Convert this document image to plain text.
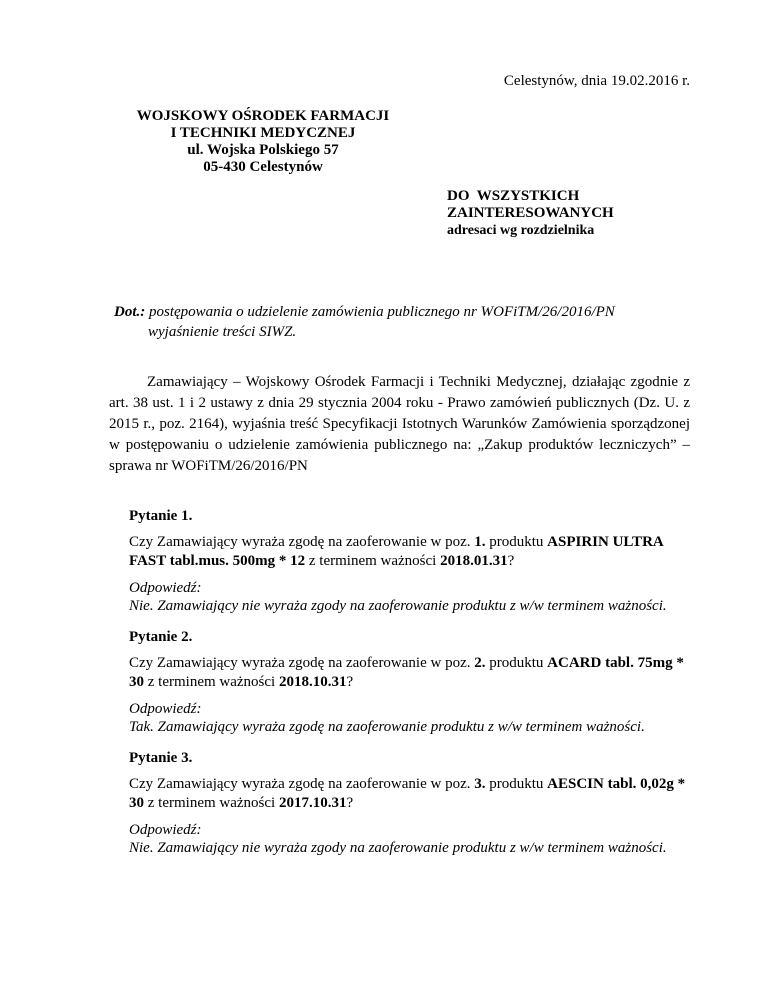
Celestynów, dnia 19.02.2016 r.
WOJSKOWY OŚRODEK FARMACJI
I TECHNIKI MEDYCZNEJ
ul. Wojska Polskiego 57
05-430 Celestynów
DO  WSZYSTKICH
ZAINTERESOWANYCH
adresaci wg rozdzielnika
Dot.: postępowania o udzielenie zamówienia publicznego nr WOFiTM/26/2016/PN
wyjaśnienie treści SIWZ.
Zamawiający – Wojskowy Ośrodek Farmacji i Techniki Medycznej, działając zgodnie z art. 38 ust. 1 i 2 ustawy z dnia 29 stycznia 2004 roku - Prawo zamówień publicznych (Dz. U. z 2015 r., poz. 2164), wyjaśnia treść Specyfikacji Istotnych Warunków Zamówienia sporządzonej w postępowaniu o udzielenie zamówienia publicznego na: „Zakup produktów leczniczych” – sprawa nr WOFiTM/26/2016/PN
Pytanie 1.
Czy Zamawiający wyraża zgodę na zaoferowanie w poz. 1. produktu ASPIRIN ULTRA FAST tabl.mus. 500mg * 12 z terminem ważności 2018.01.31?
Odpowiedź:
Nie. Zamawiający nie wyraża zgody na zaoferowanie produktu z w/w terminem ważności.
Pytanie 2.
Czy Zamawiający wyraża zgodę na zaoferowanie w poz. 2. produktu ACARD tabl. 75mg * 30 z terminem ważności 2018.10.31?
Odpowiedź:
Tak. Zamawiający wyraża zgodę na zaoferowanie produktu z w/w terminem ważności.
Pytanie 3.
Czy Zamawiający wyraża zgodę na zaoferowanie w poz. 3. produktu AESCIN tabl. 0,02g * 30 z terminem ważności 2017.10.31?
Odpowiedź:
Nie. Zamawiający nie wyraża zgody na zaoferowanie produktu z w/w terminem ważności.
